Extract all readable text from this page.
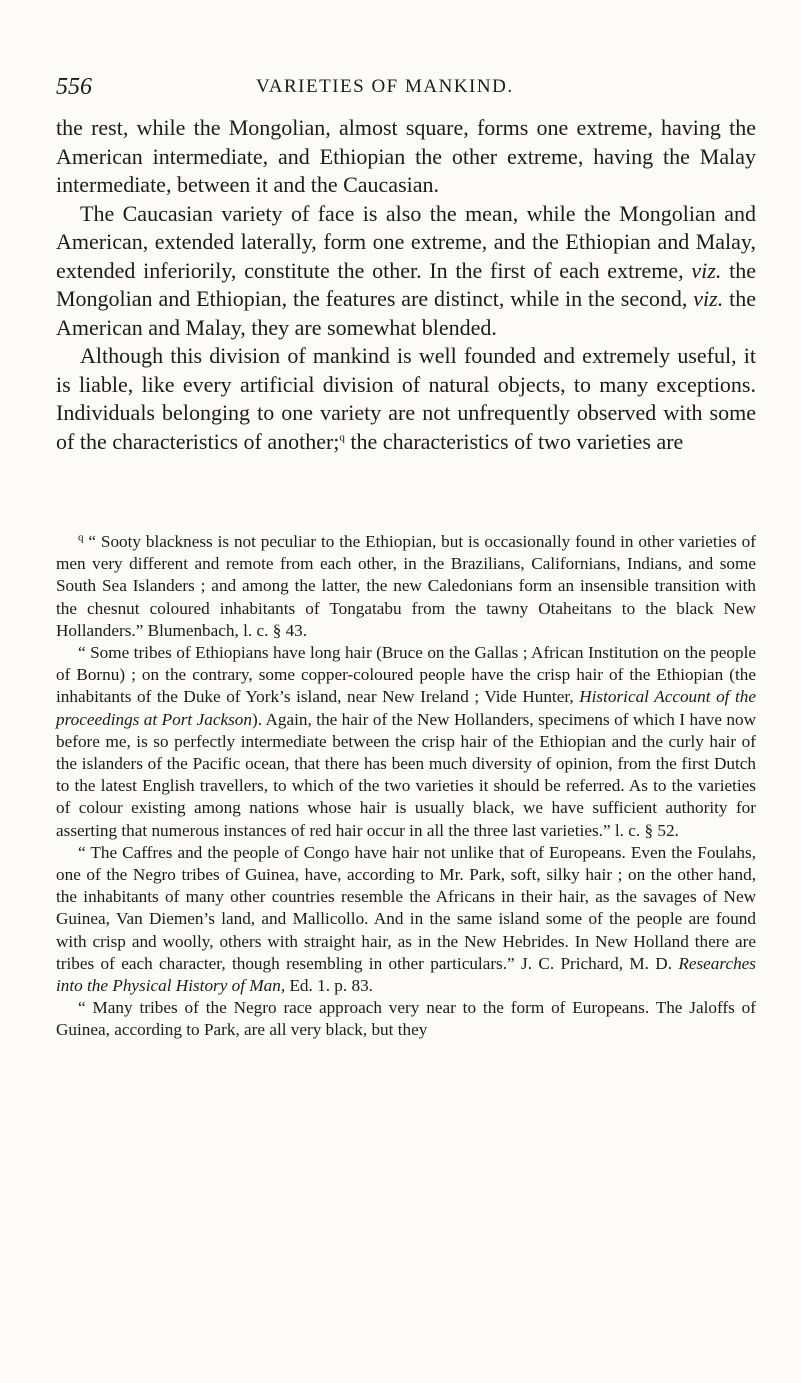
556	VARIETIES OF MANKIND.

the rest, while the Mongolian, almost square, forms one extreme, having the American intermediate, and Ethiopian the other extreme, having the Malay intermediate, between it and the Caucasian.

The Caucasian variety of face is also the mean, while the Mongolian and American, extended laterally, form one extreme, and the Ethiopian and Malay, extended inferiorily, constitute the other. In the first of each extreme, viz. the Mongolian and Ethiopian, the features are distinct, while in the second, viz. the American and Malay, they are somewhat blended.

Although this division of mankind is well founded and extremely useful, it is liable, like every artificial division of natural objects, to many exceptions. Individuals belonging to one variety are not unfrequently observed with some of the characteristics of another;$^q$ the characteristics of two varieties are

$^q$ “ Sooty blackness is not peculiar to the Ethiopian, but is occasionally found in other varieties of men very different and remote from each other, in the Brazilians, Californians, Indians, and some South Sea Islanders ; and among the latter, the new Caledonians form an insensible transition with the chesnut coloured inhabitants of Tongatabu from the tawny Otaheitans to the black New Hollanders.” Blumenbach, l. c. § 43.

“ Some tribes of Ethiopians have long hair (Bruce on the Gallas ; African Institution on the people of Bornu) ; on the contrary, some copper-coloured people have the crisp hair of the Ethiopian (the inhabitants of the Duke of York’s island, near New Ireland ; Vide Hunter, Historical Account of the proceedings at Port Jackson). Again, the hair of the New Hollanders, specimens of which I have now before me, is so perfectly intermediate between the crisp hair of the Ethiopian and the curly hair of the islanders of the Pacific ocean, that there has been much diversity of opinion, from the first Dutch to the latest English travellers, to which of the two varieties it should be referred. As to the varieties of colour existing among nations whose hair is usually black, we have sufficient authority for asserting that numerous instances of red hair occur in all the three last varieties.” l. c. § 52.

“ The Caffres and the people of Congo have hair not unlike that of Europeans. Even the Foulahs, one of the Negro tribes of Guinea, have, according to Mr. Park, soft, silky hair ; on the other hand, the inhabitants of many other countries resemble the Africans in their hair, as the savages of New Guinea, Van Diemen’s land, and Mallicollo. And in the same island some of the people are found with crisp and woolly, others with straight hair, as in the New Hebrides. In New Holland there are tribes of each character, though resembling in other particulars.” J. C. Prichard, M. D. Researches into the Physical History of Man, Ed. 1. p. 83.

“ Many tribes of the Negro race approach very near to the form of Europeans. The Jaloffs of Guinea, according to Park, are all very black, but they
